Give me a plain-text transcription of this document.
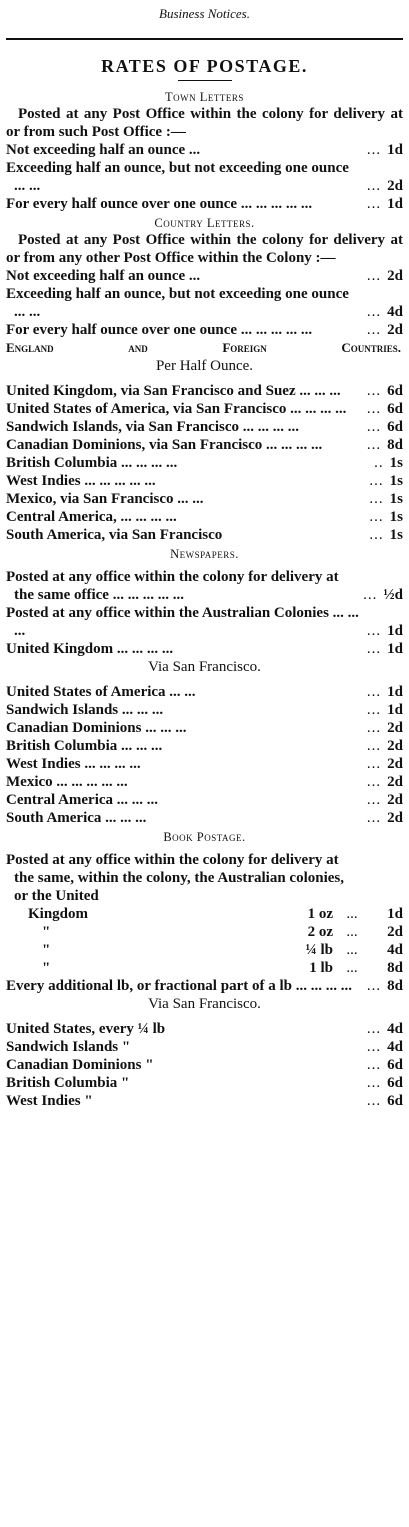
Business Notices.
RATES OF POSTAGE.
Town Letters

Posted at any Post Office within the colony for delivery at or from such Post Office :—

Not exceeding half an ounce ...	... 1d
Exceeding half an ounce, but not exceeding one ounce ... ...	... 2d
For every half ounce over one ounce ... ... ... ... ...	... 1d
Country Letters.

Posted at any Post Office within the colony for delivery at or from any other Post Office within the Colony :—

Not exceeding half an ounce ...	... 2d
Exceeding half an ounce, but not exceeding one ounce ... ...	... 4d
For every half ounce over one ounce ... ... ... ... ...	... 2d
England	and	Foreign	Countries.
Per Half Ounce.
United Kingdom, via San Francisco and Suez ... ... ...	... 6d
United States of America, via San Francisco ... ... ... ...	... 6d
Sandwich Islands, via San Francisco ... ... ... ...	... 6d
Canadian Dominions, via San Francisco ... ... ... ...	... 8d
British Columbia ... ... ... ...	.. 1s
West Indies ... ... ... ... ...	... 1s
Mexico, via San Francisco ... ...	... 1s
Central America, ... ... ... ...	... 1s
South America, via San Francisco	... 1s
Newspapers.
Posted at any office within the colony for delivery at the same office ... ... ... ... ...	... ½d
Posted at any office within the Australian Colonies ... ... ...	... 1d
United Kingdom ... ... ... ...	... 1d
Via San Francisco.
United States of America ... ...	... 1d
Sandwich Islands ... ... ...	... 1d
Canadian Dominions ... ... ...	... 2d
British Columbia ... ... ...	... 2d
West Indies ... ... ... ...	... 2d
Mexico ... ... ... ... ...	... 2d
Central America ... ... ...	... 2d
South America ... ... ...	... 2d
Book Postage.
Posted at any office within the colony for delivery at the same, within the colony, the Australian colonies, or the United
Kingdom	1 oz ...	1d
"	2 oz ...	2d
"	¼ lb ...	4d
"	1 lb ...	8d
Every additional lb, or fractional part of a lb ... ... ... ... ... 8d
Via San Francisco.
United States, every ¼ lb	... 4d
Sandwich Islands "	... 4d
Canadian Dominions "	... 6d
British Columbia "	... 6d
West Indies "	... 6d
